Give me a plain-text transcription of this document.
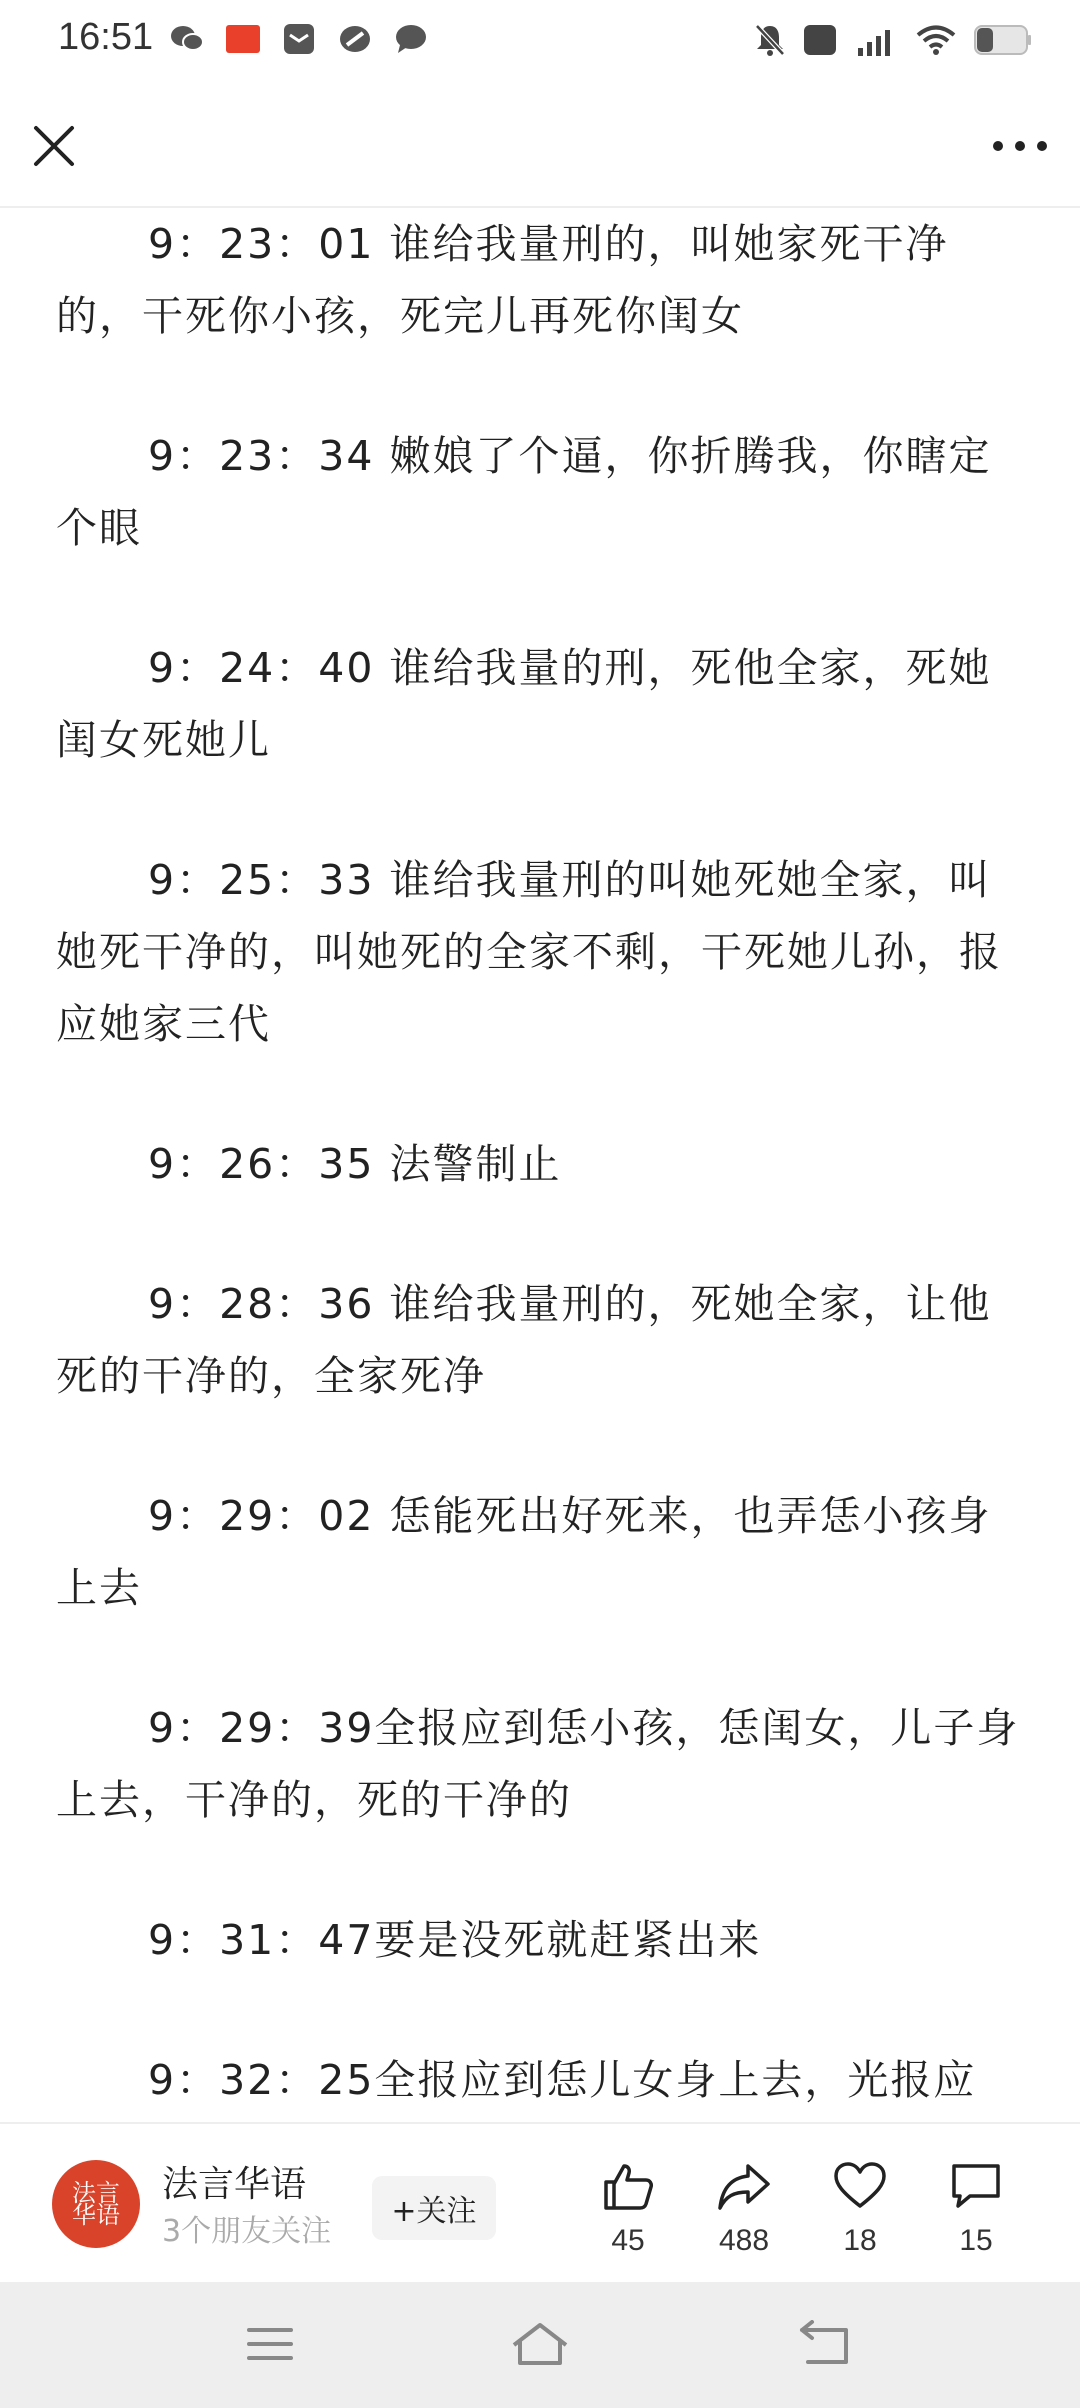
16:51

9：23：01 谁给我量刑的，叫她家死干净的，干死你小孩，死完儿再死你闺女

9：23：34 嫩娘了个逼，你折腾我，你瞎定个眼

9：24：40 谁给我量的刑，死他全家，死她闺女死她儿

9：25：33 谁给我量刑的叫她死她全家，叫她死干净的，叫她死的全家不剩，干死她儿孙，报应她家三代

9：26：35 法警制止

9：28：36 谁给我量刑的，死她全家，让他死的干净的，全家死净

9：29：02 恁能死出好死来，也弄恁小孩身上去

9：29：39全报应到恁小孩，恁闺女，儿子身上去，干净的，死的干净的

9：31：47要是没死就赶紧出来

9：32：25全报应到恁儿女身上去，光报应

法言华语
法言华语
3个朋友关注
+关注
45	488	18	15
